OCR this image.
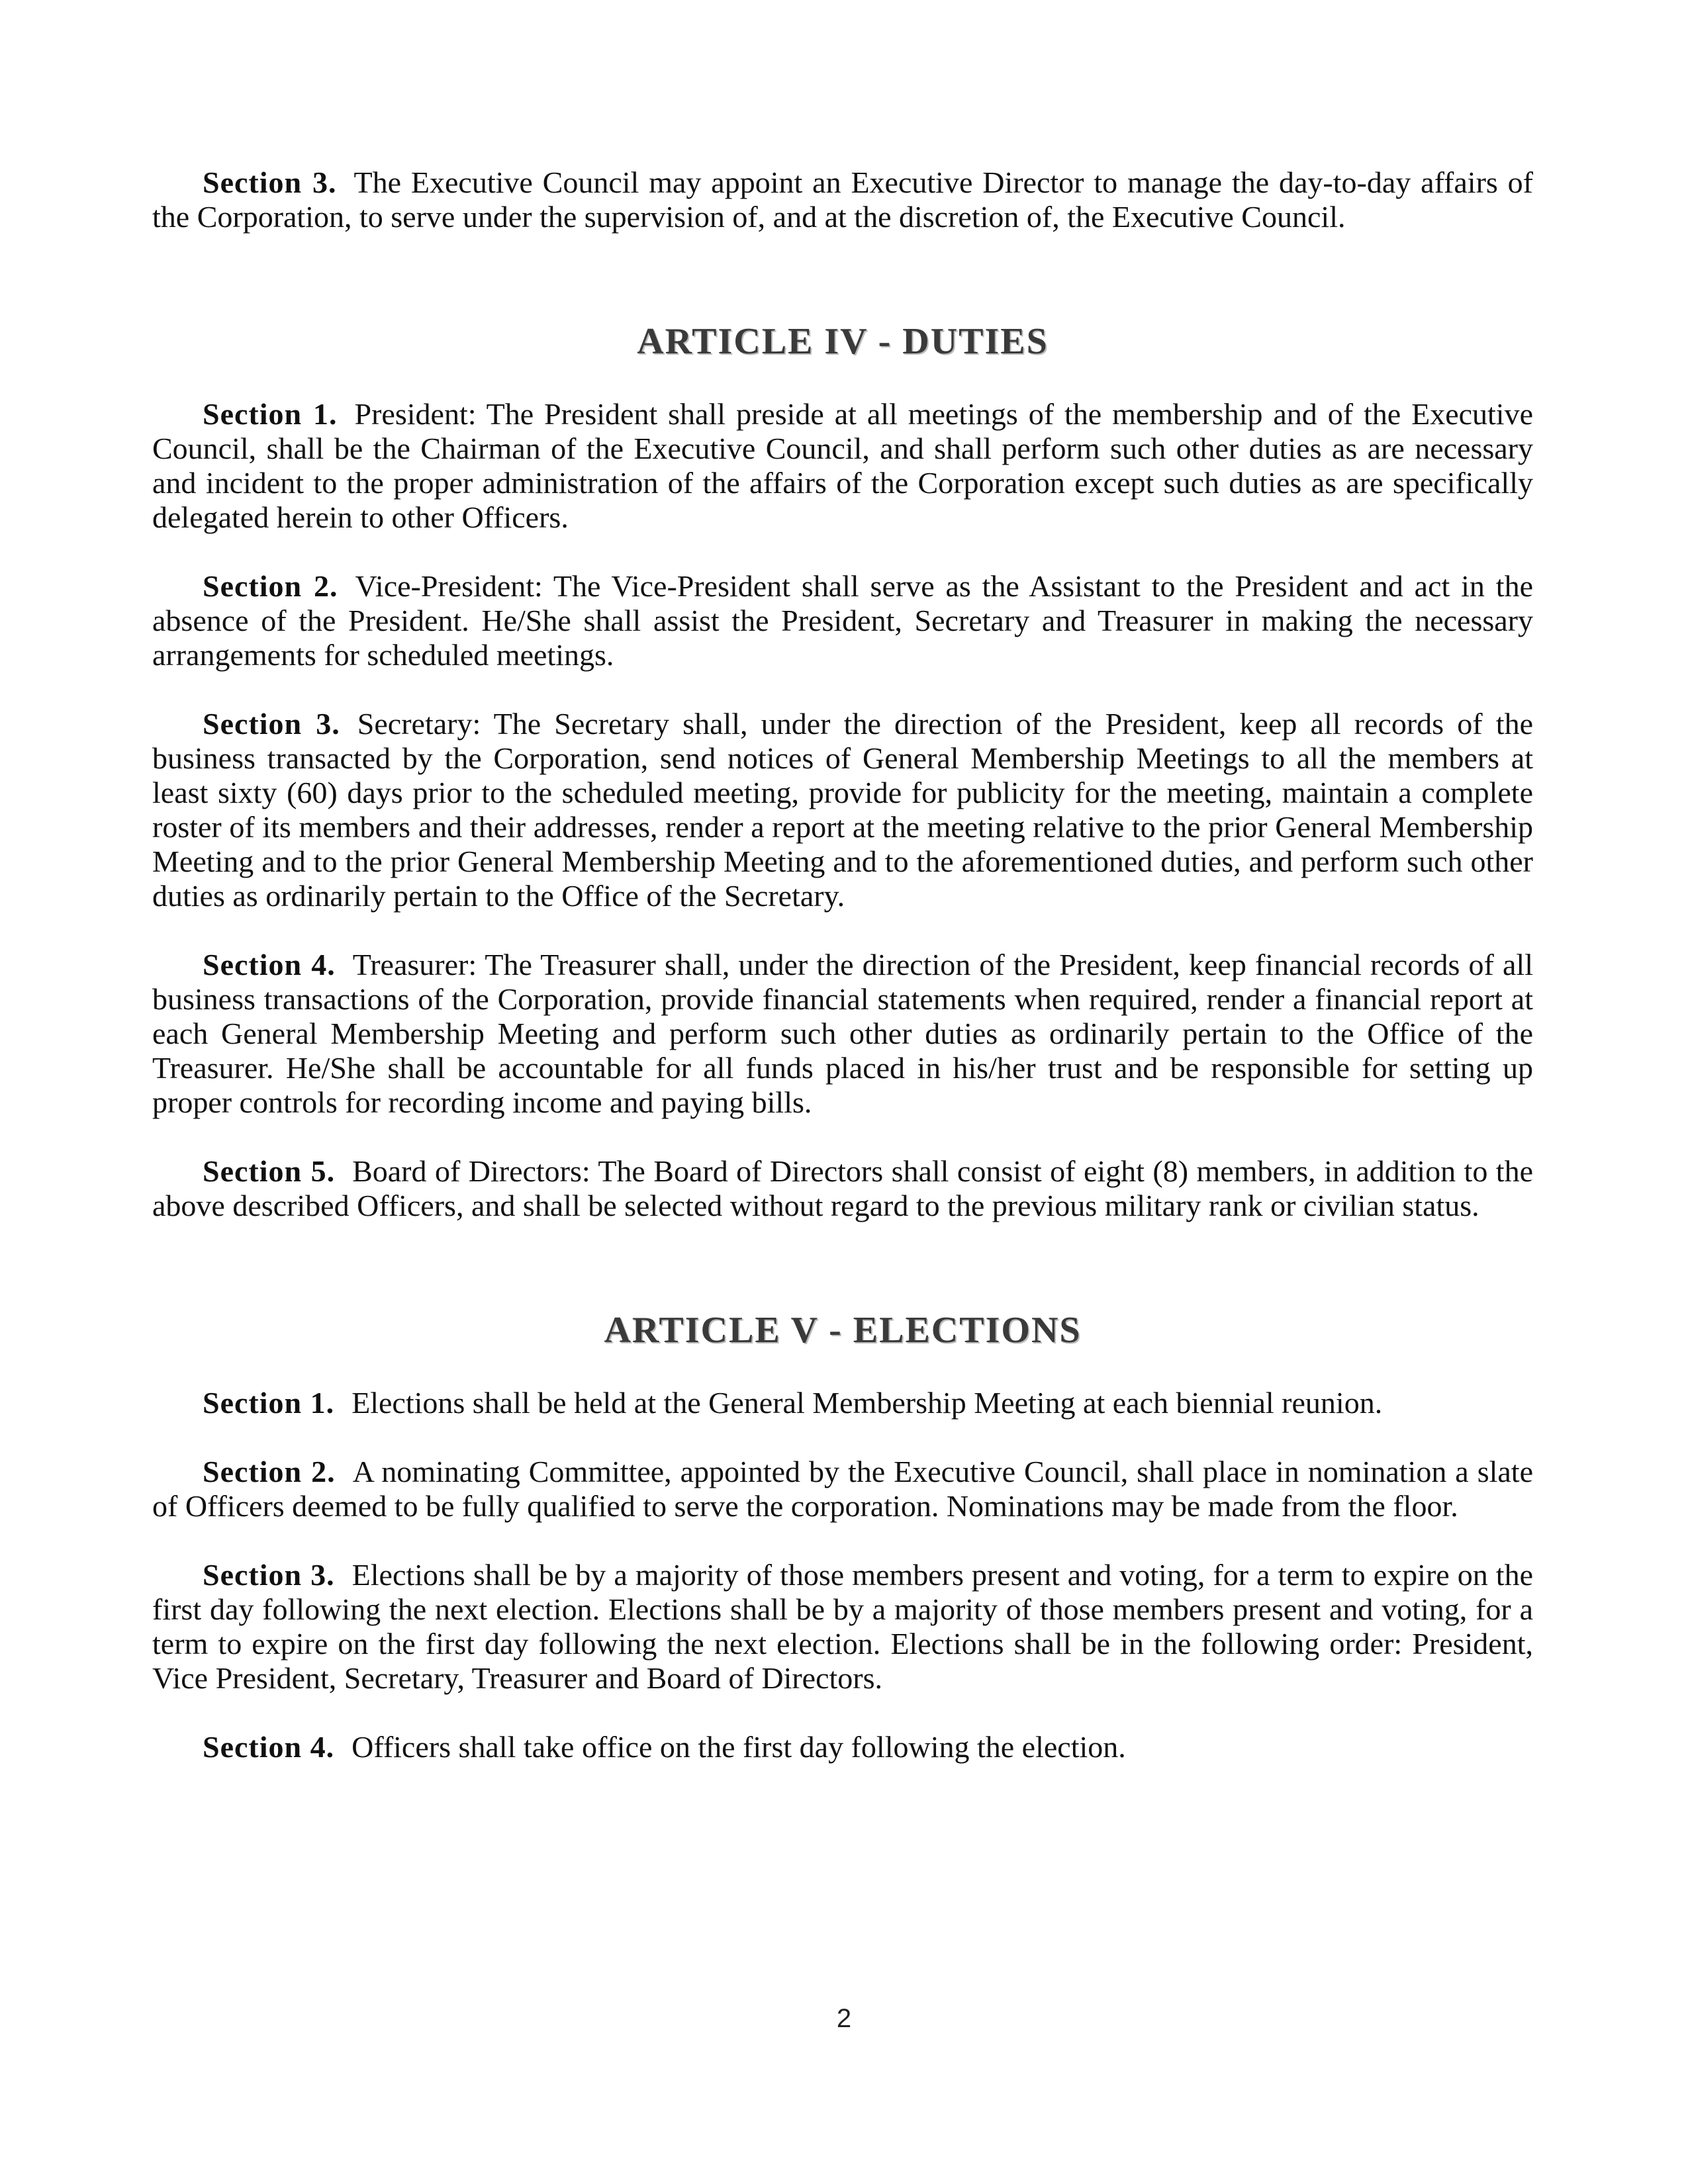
Section 3. The Executive Council may appoint an Executive Director to manage the day-to-day affairs of the Corporation, to serve under the supervision of, and at the discretion of, the Executive Council.

ARTICLE IV - DUTIES

Section 1. President: The President shall preside at all meetings of the membership and of the Executive Council, shall be the Chairman of the Executive Council, and shall perform such other duties as are necessary and incident to the proper administration of the affairs of the Corporation except such duties as are specifically delegated herein to other Officers.

Section 2. Vice-President: The Vice-President shall serve as the Assistant to the President and act in the absence of the President. He/She shall assist the President, Secretary and Treasurer in making the necessary arrangements for scheduled meetings.

Section 3. Secretary: The Secretary shall, under the direction of the President, keep all records of the business transacted by the Corporation, send notices of General Membership Meetings to all the members at least sixty (60) days prior to the scheduled meeting, provide for publicity for the meeting, maintain a complete roster of its members and their addresses, render a report at the meeting relative to the prior General Membership Meeting and to the prior General Membership Meeting and to the aforementioned duties, and perform such other duties as ordinarily pertain to the Office of the Secretary.

Section 4. Treasurer: The Treasurer shall, under the direction of the President, keep financial records of all business transactions of the Corporation, provide financial statements when required, render a financial report at each General Membership Meeting and perform such other duties as ordinarily pertain to the Office of the Treasurer. He/She shall be accountable for all funds placed in his/her trust and be responsible for setting up proper controls for recording income and paying bills.

Section 5. Board of Directors: The Board of Directors shall consist of eight (8) members, in addition to the above described Officers, and shall be selected without regard to the previous military rank or civilian status.

ARTICLE V - ELECTIONS

Section 1. Elections shall be held at the General Membership Meeting at each biennial reunion.

Section 2. A nominating Committee, appointed by the Executive Council, shall place in nomination a slate of Officers deemed to be fully qualified to serve the corporation. Nominations may be made from the floor.

Section 3. Elections shall be by a majority of those members present and voting, for a term to expire on the first day following the next election. Elections shall be by a majority of those members present and voting, for a term to expire on the first day following the next election. Elections shall be in the following order: President, Vice President, Secretary, Treasurer and Board of Directors.

Section 4. Officers shall take office on the first day following the election.

2
